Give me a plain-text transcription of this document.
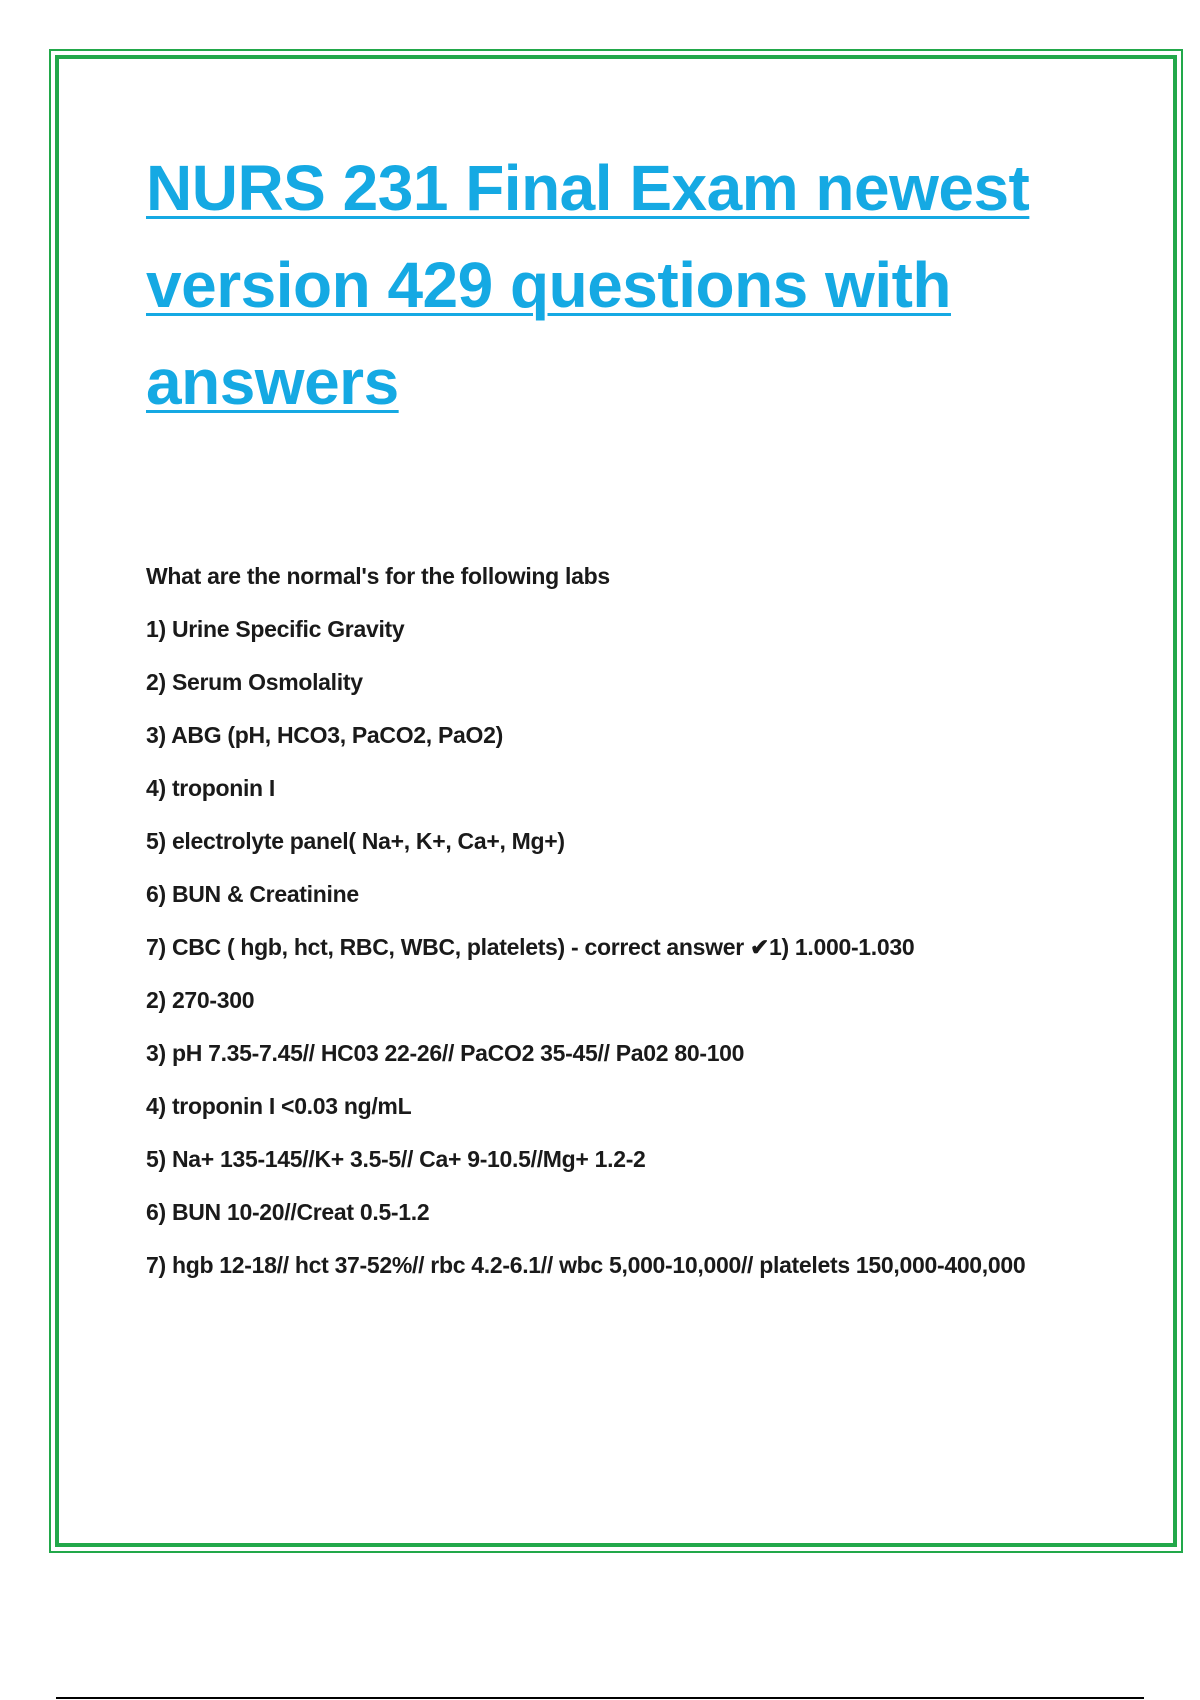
NURS 231 Final Exam newest version 429 questions with answers

What are the normal's for the following labs

1) Urine Specific Gravity

2) Serum Osmolality

3) ABG (pH, HCO3, PaCO2, PaO2)

4) troponin I

5) electrolyte panel( Na+, K+, Ca+, Mg+)

6) BUN & Creatinine

7) CBC ( hgb, hct, RBC, WBC, platelets) - correct answer ✔1) 1.000-1.030

2) 270-300

3) pH 7.35-7.45// HC03 22-26// PaCO2 35-45// Pa02 80-100

4) troponin I <0.03 ng/mL

5) Na+ 135-145//K+ 3.5-5// Ca+ 9-10.5//Mg+ 1.2-2

6) BUN 10-20//Creat 0.5-1.2

7) hgb 12-18// hct 37-52%// rbc 4.2-6.1// wbc 5,000-10,000// platelets 150,000-400,000
